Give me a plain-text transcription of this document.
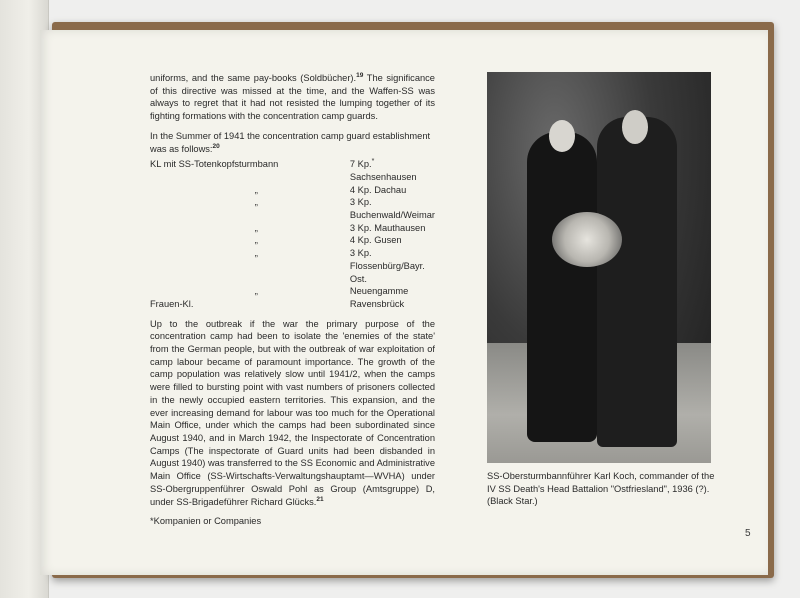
uniforms, and the same pay-books (Soldbücher).$^{19}$ The significance of this directive was missed at the time, and the Waffen-SS was always to regret that it had not resisted the lumping together of its fighting formations with the concentration camp guards.

In the Summer of 1941 the concentration camp guard establishment was as follows:$^{20}$

KL mit SS-Totenkopfsturmbann	7 Kp.* Sachsenhausen
„	4 Kp. Dachau
„	3 Kp. Buchenwald/Weimar
„	3 Kp. Mauthausen
„	4 Kp. Gusen
„	3 Kp. Flossenbürg/Bayr. Ost.
„	Neuengamme
Frauen-Kl.	Ravensbrück

Up to the outbreak if the war the primary purpose of the concentration camp had been to isolate the 'enemies of the state' from the German people, but with the outbreak of war exploitation of camp labour became of paramount importance. The growth of the camp population was relatively slow until 1941/2, when the camps were filled to bursting point with vast numbers of prisoners collected in the newly occupied eastern territories. This expansion, and the ever increasing demand for labour was too much for the Operational Main Office, under which the camps had been subordinated since August 1940, and in March 1942, the Inspectorate of Concentration Camps (The inspectorate of Guard units had been disbanded in August 1940) was transferred to the SS Economic and Administrative Main Office (SS-Wirtschafts-Verwaltungshauptamt—WVHA) under SS-Obergruppenführer Oswald Pohl as Group (Amtsgruppe) D, under SS-Brigadeführer Richard Glücks.$^{21}$

*Kompanien or Companies

SS-Obersturmbannführer Karl Koch, commander of the IV SS Death's Head Battalion "Ostfriesland", 1936 (?). (Black Star.)
5
